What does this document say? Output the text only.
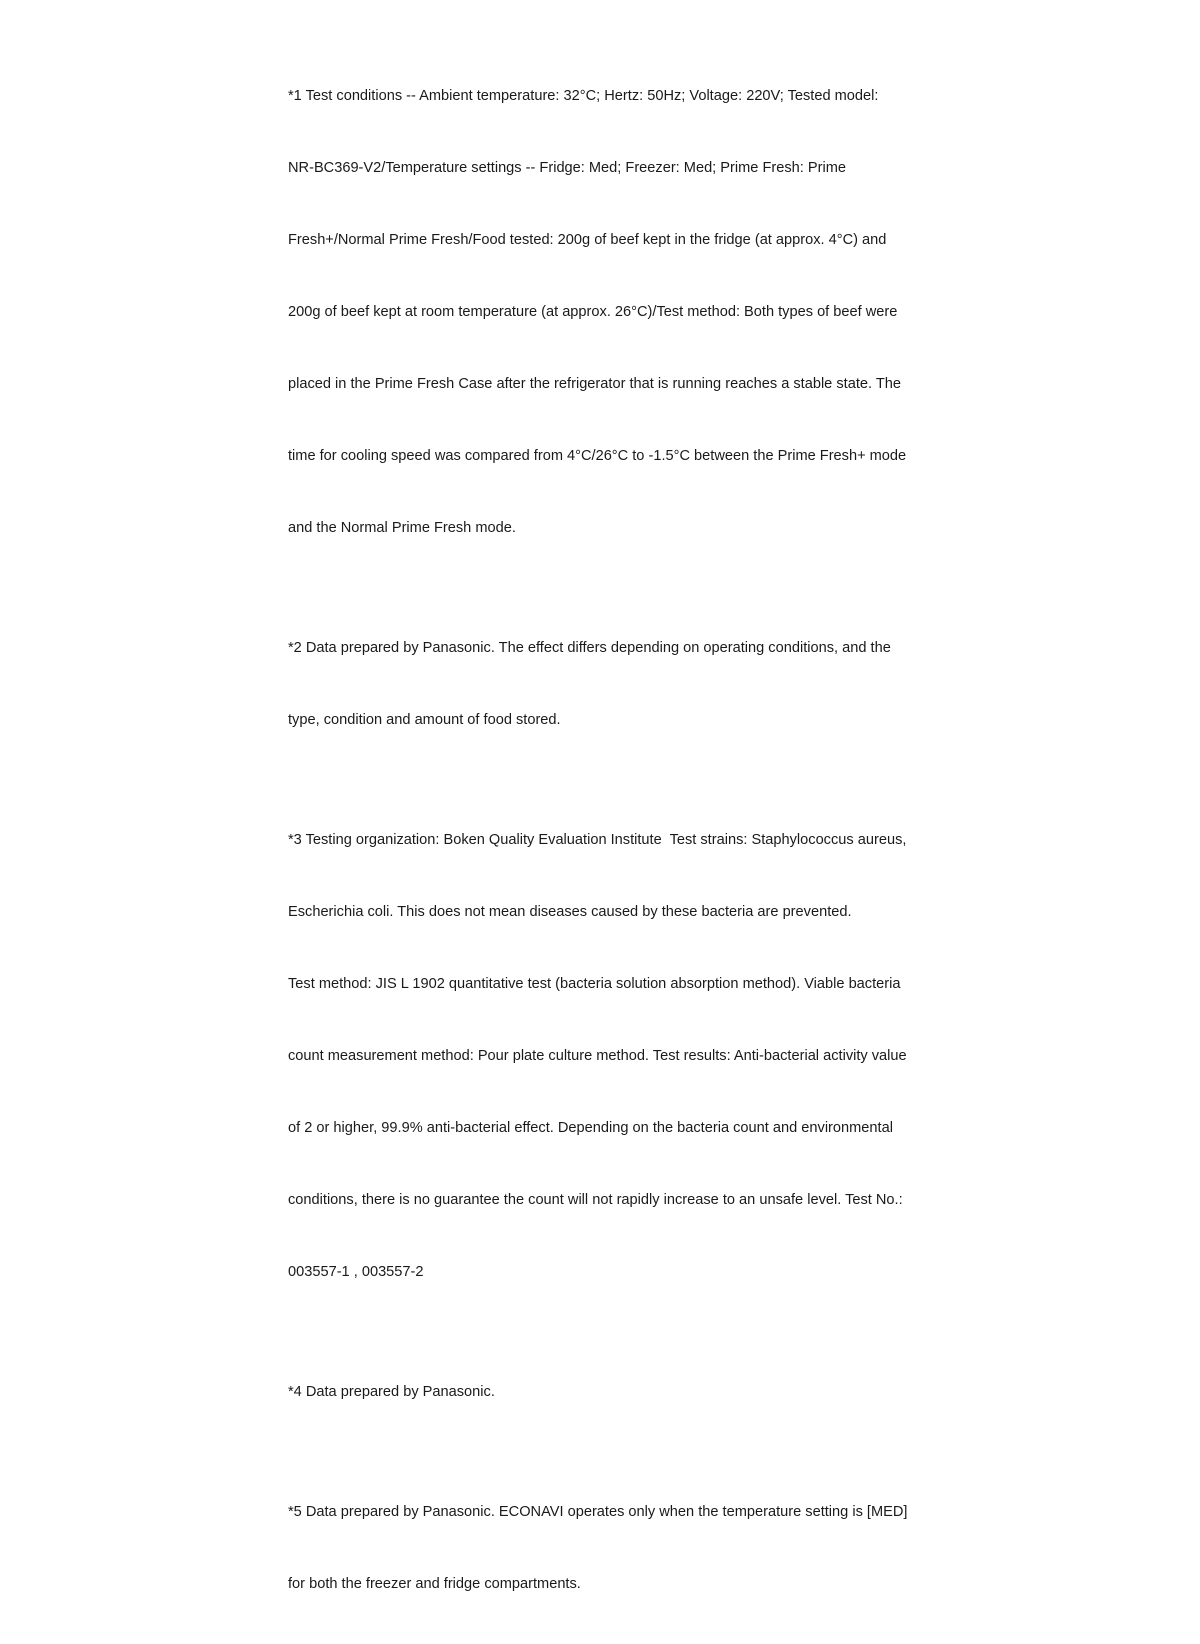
*1 Test conditions -- Ambient temperature: 32°C; Hertz: 50Hz; Voltage: 220V; Tested model:

NR-BC369-V2/Temperature settings -- Fridge: Med; Freezer: Med; Prime Fresh: Prime

Fresh+/Normal Prime Fresh/Food tested: 200g of beef kept in the fridge (at approx. 4°C) and

200g of beef kept at room temperature (at approx. 26°C)/Test method: Both types of beef were

placed in the Prime Fresh Case after the refrigerator that is running reaches a stable state. The

time for cooling speed was compared from 4°C/26°C to -1.5°C between the Prime Fresh+ mode

and the Normal Prime Fresh mode.

*2 Data prepared by Panasonic. The effect differs depending on operating conditions, and the

type, condition and amount of food stored.

*3 Testing organization: Boken Quality Evaluation Institute  Test strains: Staphylococcus aureus,

Escherichia coli. This does not mean diseases caused by these bacteria are prevented.

Test method: JIS L 1902 quantitative test (bacteria solution absorption method). Viable bacteria

count measurement method: Pour plate culture method. Test results: Anti-bacterial activity value

of 2 or higher, 99.9% anti-bacterial effect. Depending on the bacteria count and environmental

conditions, there is no guarantee the count will not rapidly increase to an unsafe level. Test No.:

003557-1 , 003557-2

*4 Data prepared by Panasonic.

*5 Data prepared by Panasonic. ECONAVI operates only when the temperature setting is [MED]

for both the freezer and fridge compartments.
